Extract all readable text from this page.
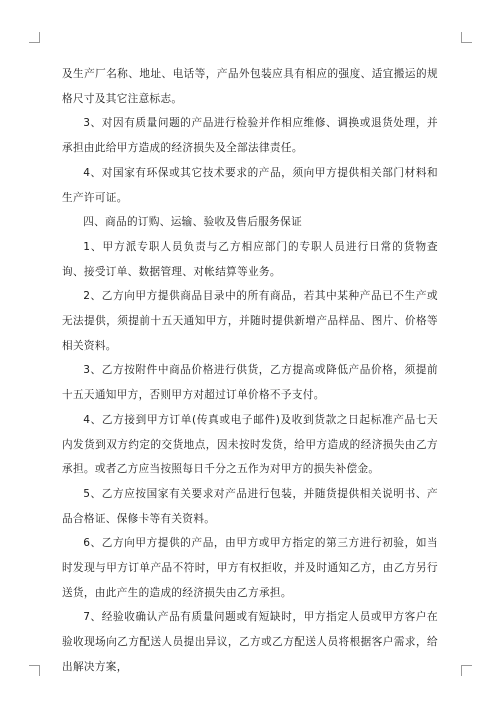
及生产厂名称、地址、电话等，产品外包装应具有相应的强度、适宜搬运的规格尺寸及其它注意标志。

3、对因有质量问题的产品进行检验并作相应维修、调换或退货处理，并承担由此给甲方造成的经济损失及全部法律责任。

4、对国家有环保或其它技术要求的产品，须向甲方提供相关部门材料和生产许可证。

四、商品的订购、运输、验收及售后服务保证

1、甲方派专职人员负责与乙方相应部门的专职人员进行日常的货物查询、接受订单、数据管理、对帐结算等业务。

2、乙方向甲方提供商品目录中的所有商品，若其中某种产品已不生产或无法提供，须提前十五天通知甲方，并随时提供新增产品样品、图片、价格等相关资料。

3、乙方按附件中商品价格进行供货，乙方提高或降低产品价格，须提前十五天通知甲方，否则甲方对超过订单价格不予支付。

4、乙方接到甲方订单(传真或电子邮件)及收到货款之日起标准产品七天内发货到双方约定的交货地点，因未按时发货，给甲方造成的经济损失由乙方承担。或者乙方应当按照每日千分之五作为对甲方的损失补偿金。

5、乙方应按国家有关要求对产品进行包装，并随货提供相关说明书、产品合格证、保修卡等有关资料。

6、乙方向甲方提供的产品，由甲方或甲方指定的第三方进行初验，如当时发现与甲方订单产品不符时，甲方有权拒收，并及时通知乙方，由乙方另行送货，由此产生的造成的经济损失由乙方承担。

7、经验收确认产品有质量问题或有短缺时，甲方指定人员或甲方客户在验收现场向乙方配送人员提出异议，乙方或乙方配送人员将根据客户需求，给出解决方案，
